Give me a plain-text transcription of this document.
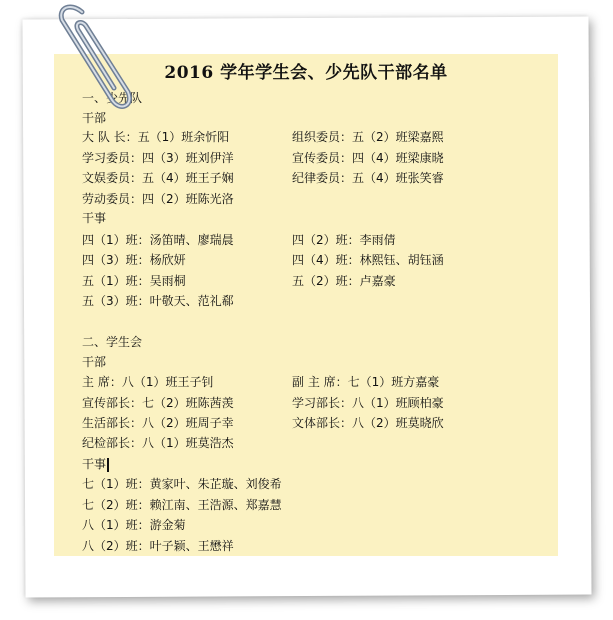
2016 学年学生会、少先队干部名单
一、少先队
干部
大 队 长：五（1）班余忻阳	组织委员：五（2）班梁嘉熙
学习委员：四（3）班刘伊洋	宣传委员：四（4）班梁康晓
文娱委员：五（4）班王子娴	纪律委员：五（4）班张笑睿
劳动委员：四（2）班陈光洛
干事
四（1）班：汤笛晴、廖瑞晨	四（2）班：李雨倩
四（3）班：杨欣妍	四（4）班：林熙钰、胡钰涵
五（1）班：吴雨桐	五（2）班：卢嘉豪
五（3）班：叶敬天、范礼郗
二、学生会
干部
主 席：八（1）班王子钊	副 主 席：七（1）班方嘉豪
宣传部长：七（2）班陈茜羡	学习部长：八（1）班顾柏豪
生活部长：八（2）班周子幸	文体部长：八（2）班莫晓欣
纪检部长：八（1）班莫浩杰
干事
七（1）班：黄家叶、朱芷璇、刘俊希
七（2）班：赖江南、王浩源、郑嘉慧
八（1）班：游金菊
八（2）班：叶子颖、王懋祥
